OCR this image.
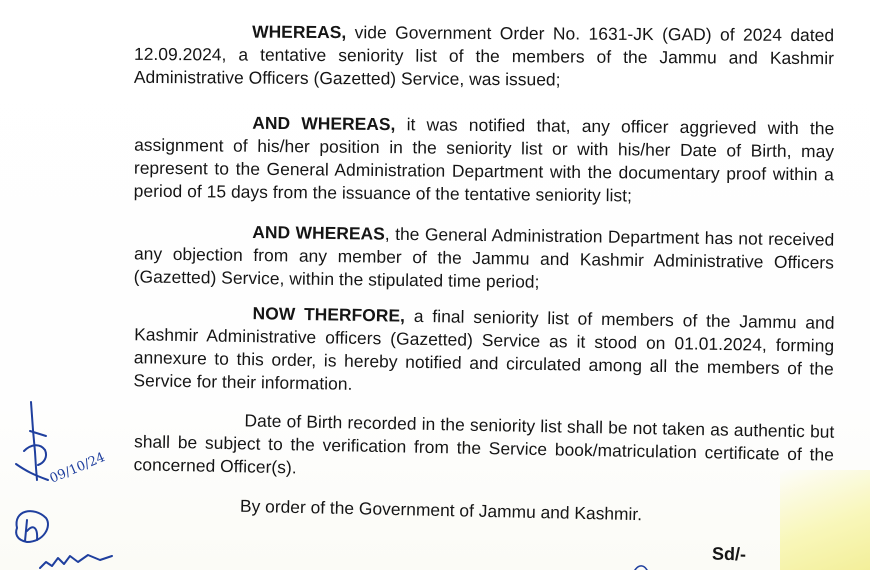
WHEREAS, vide Government Order No. 1631-JK (GAD) of 2024 dated 12.09.2024, a tentative seniority list of the members of the Jammu and Kashmir Administrative Officers (Gazetted) Service, was issued;

AND WHEREAS, it was notified that, any officer aggrieved with the assignment of his/her position in the seniority list or with his/her Date of Birth, may represent to the General Administration Department with the documentary proof within a period of 15 days from the issuance of the tentative seniority list;

AND WHEREAS, the General Administration Department has not received any objection from any member of the Jammu and Kashmir Administrative Officers (Gazetted) Service, within the stipulated time period;

NOW THERFORE, a final seniority list of members of the Jammu and Kashmir Administrative officers (Gazetted) Service as it stood on 01.01.2024, forming annexure to this order, is hereby notified and circulated among all the members of the Service for their information.

Date of Birth recorded in the seniority list shall be not taken as authentic but shall be subject to the verification from the Service book/matriculation certificate of the concerned Officer(s).

By order of the Government of Jammu and Kashmir.
Sd/-
09/10/24
